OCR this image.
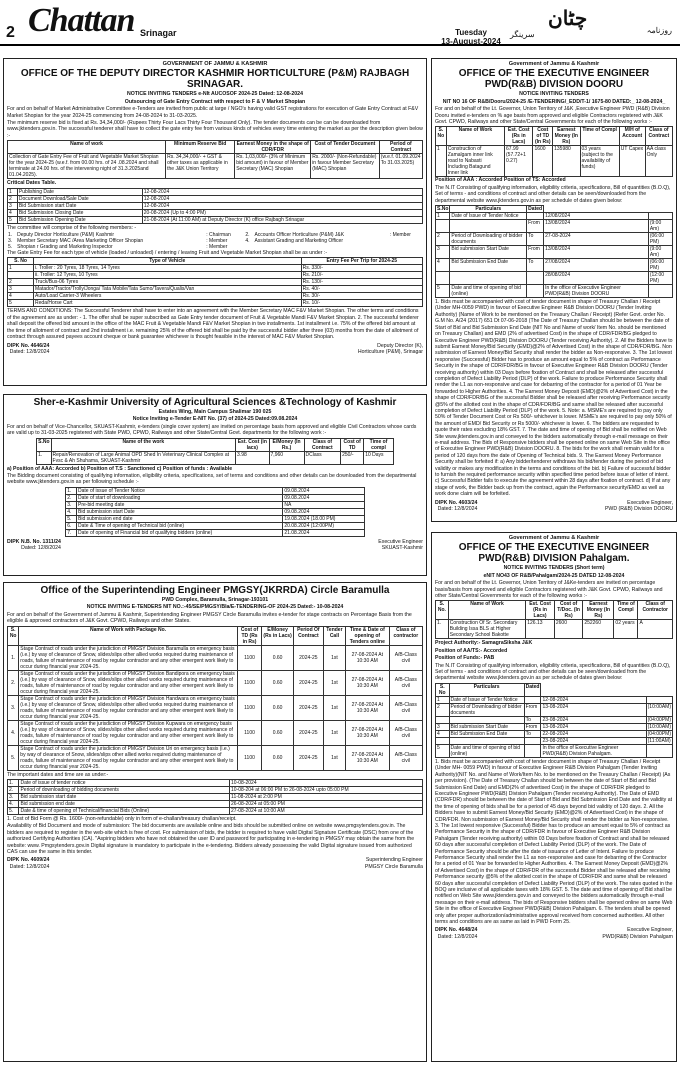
2 Chattan Srinagar	Tuesday
13-August-2024
سرینگر
چٹان
روزنامہ

GOVERNMENT OF JAMMU & KASHMIR

OFFICE OF THE DEPUTY DIRECTOR KASHMIR HORTICULTURE (P&M) RAJBAGH SRINAGAR.

NOTICE INVITING TENDERS e-NIt AUCOSOF 2024-25 Dated: 12-08-2024

Outsourcing of Gate Entry Contract with respect to F & V Market Shopian

For and on behalf of Market Administrative Committee e-Tenders are invited from public at large / NGO's having valid GST registrations for execution of Gate Entry Contract at F&V Market Shopian for the year 2024-25 commencing from 24-08-2024 to 31-03-2025.

The minimum reserve bid is fixed at Rs. 34,34,000/- (Rupees Thirty Four Lacs Thirty Four Thousand Only). The tender documents can be can be downloaded from www.jktenders.gov.in. The successful tenderer shall have to collect the gate entry fee from various kinds of vehicles every time entering the market as per the description given below :-

Name of work	Minimum Reserve Bid	Earnest Money in the shape of CDR/FDR	Cost of Tender Document	Period of Contract
Collection of Gate Entry Fee of Fruit and Vegetable Market Shopian for the year 2024-25 (w.e.f. from 00.00 hrs. of 24 .08.2024 and shall terminate at 24.00 hrs. of the intervening night of 31.3.2025and 01.04.2025).	Rs. 34,34,000/- + GST & other taxes as applicable in the J&K Union Territory	Rs. 1,03,000/- (3% of Minimum bid amount) in favour of Member Secretary (MAC) Shopian	Rs. 2000/- (Non-Refundable) in favour Member Secretary (MAC) Shopian	(w.e.f. 01.09.2024 To 31.03.2025)

Critical Dates Table.

1	Publishing Date	12-08-2024
2	Document Download/Sale Date	12-08-2024
3	Bid Submission start Date	12-08-2024
4	Bid Submission Closing Date	20-08-2024 (Up to 4:00 PM)
5	Bid Submission Opening Date	21-08-2024 (At 11:00 AM) at Deputy Director (K) office Rajbagh Srinagar

The committee will comprise of the following members: -

1.	Deputy Director Horticulture (P&M) Kashmir	: Chairman	2.	Accounts Officer Horticulture (P&M) J&K	: Member
3.	Member Secretary MAC /Area Marketing Officer Shopian	: Member	4.	Assistant Grading and Marketing Officer	
5.	Shopian r Grading and Marketing Inspector	: Member			

The Gate Entry Fee for each type of vehicle (loaded / unloaded) / entering / leaving Fruit and Vegetable Market Shopian shall be as under :-

S. No	Type of Vehicle	Entry Fee Per Trip for 2024-25
1	i. Troller : 20 Tyres, 18 Tyres, 14 Tyres	Rs. 330/-
	ii. Troller: 12 Tyres, 10 Tyres	Rs. 210/-
2	Truck/Bus-06 Tyres	Rs. 130/-
3	Matador/Tractor/Trolly/Jonga/ Tata Mobile/Tata Sumo/Tavera/Qualis/Van	Rs. 40/-
4	Auto/Load Carrier-3 Wheelers	Rs. 30/-
5	Reda/Horse Cart	Rs. 10/-

TERMS AND CONDITIONS: The Successful Tenderer shall have to enter into an agreement with the Member Secretary MAC F&V Market Shopian. The other terms and conditions of the agreement are as under: - 1. The offer shall be super subscribed as Gate Entry tender document of Fruit & Vegetable Mandi F&V Market Shopian. 2. The successful tenderer shall deposit the offered bid amount in the office of the MAC Fruit & Vegetable Mandi F&V Market Shopian in two installments. 1st installment i.e. 75% of the offered bid amount at the time of allotment of contract and 2nd installment i.e. remaining 25% of the offered bid shall be paid by the successful bidder after three (03) months from the date of allotment of contract through assured payees account cheque or bank guarantee whichever is thought feasible in the interest of MAC F&V Market Shopian.

DIPK No. 4646/24
Dated: 12/8/2024
Deputy Director (K),
Horticulture (P&M), Srinagar

Sher-e-Kashmir University of Agricultural Sciences &Technology of Kashmir

Estates Wing, Main Campus Shalimar 190 025

Notice Inviting e-Tender E-NIT No. (37) of 2024-25 Dated:09.08.2024

For and on behalf of Vice-Chancellor, SKUAST-Kashmir, e-tenders (single cover system) are invited on percentage basis from approved and eligible Civil Contractors whose cards are valid up to 31-03-2025 registered with State PWD, CPWD, Railways and other State/Central Govt. departments for the following work :-

S.No	Name of the work	Est. Cost (in lacs)	E/Money (In Rs.)	Class of Contract	Cost of TD	Time of compl
1.	Repair/Renovation of Large Animal OPD Shed In Veterinary Clinical Complex at Fvsc & Ah Shuhama, SKUAST-Kashmir	3.98	7,960	DClass	250/-	10 Days

a) Position of AAA: Accorded b) Position of T.S : Sanctioned c) Position of funds : Available

The Bidding document consisting of qualifying information, eligibility criteria, specifications, set of terms and conditions and other details can be downloaded from the departmental website www.jktenders.gov.in as per following schedule :-

1.	Date of issue of Tender Notice	09.08.2024
2.	Date of start of downloading	09.08.2024
3.	Pre-bid meeting date	NA
4.	Bid submission start Date	09.08.2024
5.	Bid submission end date	19.08.2024 (18.00 PM)
6.	Date & Time of opening of Technical bid (online)	20.08.2024 (12:00PM)
7.	Date of opening of Financial bid of qualifying bidders (online)	21.08.2024
DIPK N.B. No. 1311/24
Dated: 12/8/2024
Executive Engineer
SKUAST-Kashmir

Office of the Superintending Engineer PMGSY(JKRRDA) Circle Baramulla

PWD Complex, Baramulla, Srinagar-193101

NOTICE INVITING E-TENDERS NIT NO.:-45/SE/PMGSY/Bla/E-TENDERING-OF 2024-25 Dated:- 10-08-2024

For and on behalf of the Government of Jammu & Kashmir, Superintending Engineer PMGSY Circle Baramulla invites e-tender for stage contracts on Percentage Basis from the eligible & approved contractors of J&K Govt. CPWD, Railways and other States.

S. No	Name of Work with Package No.	Cost of TD (Rs in Rs)	E/Money (Rs in Lacs)	Period Of Contract	Tender Call	Time & Date of opening of Tenders online	Class of contractor
1.	Stage Contract of roads under the jurisdiction of PMGSY Division Baramulla on emergency basis (i.e.) by way of clearance of Snow, slides/slips other allied works required during maintenance of roads, failure of maintenance of road by regular contractor and any other emergent work likely to occur during financial year 2024-25.	1100	0.60	2024-25	1st	27-08-2024 At 10:30 AM	A/B-Class civil
2.	Stage Contract of roads under the jurisdiction of PMGSY Division Bandipora on emergency basis (i.e.) by way of clearance of Snow, slides/slips other allied works required during maintenance of roads, failure of maintenance of road by regular contractor and any other emergent work likely to occur during financial year 2024-25.	1100	0.60	2024-25	1st	27-08-2024 At 10:30 AM	A/B-Class civil
3.	Stage Contract of roads under the jurisdiction of PMGSY Division Handwara on emergency basis (i.e.) by way of clearance of Snow, slides/slips other allied works required during maintenance of roads, failure of maintenance of road by regular contractor and any other emergent work likely to occur during financial year 2024-25.	1100	0.60	2024-25	1st	27-08-2024 At 10:30 AM	A/B-Class civil
4.	Stage Contract of roads under the jurisdiction of PMGSY Division Kupwara on emergency basis (i.e.) by way of clearance of Snow, slides/slips other allied works required during maintenance of roads, failure of maintenance of road by regular contractor and any other emergent work likely to occur during financial year 2024-25.	1100	0.60	2024-25	1st	27-08-2024 At 10:30 AM	A/B-Class civil
5.	Stage Contract of roads under the jurisdiction of PMGSY Division Uri on emergency basis (i.e.) by way of clearance of Snow, slides/slips other allied works required during maintenance of roads, failure of maintenance of road by regular contractor and any other emergent work likely to occur during financial year 2024-25.	1100	0.60	2024-25	1st	27-08-2024 At 10:30 AM	A/B-Class civil

The important dates and time are as under:-

1.	Date of issue of tender notice	10-08-2024
2.	Period of downloading of bidding documents	10-08-204 at 06:00 PM to 26-08-2024 upto 05:00 PM
3.	Bid submission start date	11-08-2024 at 2:00 PM
4.	Bid submission end date	26-08-2024 at 05:00 PM
5.	Date & time of opening of Technical/financial Bids (Online)	27-08-2024 at 10:00 AM

1. Cost of Bid Form @ Rs. 1600/- (non-refundable) only in form of e-challan/treasury challan/receipt.

Availability of Bid Document and mode of submission: The bid documents are available online and bids should be submitted online on website www.pmgsytenders.gov.in. The bidders are required to register in the web-site which is free of cost. For submission of bids, the bidder is required to have valid Digital Signature Certificate (DSC) from one of the authorized Certifying Authorities (CA). "Aspiring bidders who have not obtained the user ID and password for participating in e-tendering in PMGSY may obtain the same from the website: www. Pmgsytenders.gov.in Digital signature is mandatory to participate in the e-tendering. Bidders already possessing the valid Digital signature issued from authorized CAS can use the same in this tender.

DIPK No. 4609/24
Dated: 12/8/2024
Superintending Engineer
PMGSY Circle Baramulla

Government of Jammu & Kashmir

OFFICE OF THE EXECUTIVE ENGINEER PWD(R&B) DIVISION DOORU

NOTICE INVITING TENDERS

NIT NO 16 OF R&B/Dooru/2024-25 /E-TENDERING/_EDD/T-1/ 1675-80 DATED:_ 12-08-2024_

For and on behalf of the Lt. Governor, Union Territory of J&K ,Executive Engineer PWD (R&B) Division Dooru invited e-tenders on % age basis from approved and eligible Contractors registered with J&K Govt. CPWD, Railways and other State/Central Governments for each of the following works :-

S. No	Name of Work	Est. Cost (Rs in Lacs)	Cost of TD (In Rs)	Earnest Money (In Rs)	Time of Compl	M/H of Account	Class of Contract
1	Construction of Zamalgam inner link road to Nabasti Including Batagund Inner link	67.99 (57.72+1 0.27)	1600	135980	03 years (subject to the availability of funds)	UT Capex	AA class Only

Position of AAA : Accorded Position of TS: Accorded

The N.IT Consisting of qualifying information, eligibility criteria, specifications, Bill of quantities (B.O.Q), Set of terms - and conditions of contract and other details can be seen/downloaded from the departmental website www.jktenders.gov.in as per schedule of dates given below:

S.No	Particulars	Dated		
1	Date of Issue of Tender Notice		12/08/2024	
		From	13/08/2024	(9:00 Am)
2	Period of Downloading of bidder documents	To	27-08-2024	(06:00 PM)
3	Bid submission Start Date	From	13/08/2024	(9:00 Am)
4	Bid Submission End Date	To	27/08/2024	(06:00 PM)
			28/08/2024	(12:00 PM)
5	Date and time of opening of bid (online)		In the office of Executive Engineer PWD(R&B) Division DOORU	

1. Bids must be accompanied with cost of tender document in shape of Treasury Challan / Receipt (Under MH-0059 PWD) in favour of Executive Engineer R&B Division DOORU (Tender Inviting Authority) (Name of Work to be mentioned on the Treasury Challan / Receipt) (Refer Govt. order No. G.M No. A/24 (2017) 651 Dt 07-06-2018 (The Date of Treasury Challan should be between the date of Start of Bid and Bid Submission End Date (NIT No and Name of work/ Item No. should be mentioned on Treasury Challan) and EMD (2% of advertised Cost) in the shape of CDR/FDR/BG pledged to Executive Engineer PWD(R&B) Division DOORU (Tender receiving Authority). 2. All the Bidders have to submit Earnest Money/Bid Security (EMD)@2% of Advertised Cost) in the shape of CDR/FDR/BG. Non submission of Earnest Money/Bid Security shall render the bidder as Non-responsive. 3. The 1st lowest responsive (Successful) Bidder has to produce an amount equal to 5% of contract as Performance Security in the shape of CDR/FDR/BG in favour of Executive Engineer R&B Division DOORU (Tender receiving authority) within 03 Days before fixation of Contract and shall be released after successful completion of Defect Liability Period (DLP) of the work. Failure to produce Performance Security shall render the L1 as non-responsive and case for debarring of the contractor for a period of 01 Year be forwarded to Higher Authorities. 4. The Earnest Money Deposit (EMD)@2% of Advertised Cost) in the shape of CDR/FDR/BG of the successful Bidder shall be released after receiving Performance security @5% of the allotted cost in the shape of CDR/FDR/BG and same shall be released after successful completion of Defect Liability Period (DLP) of the work. 5. Note: a. MSME's are required to pay only 50% of Tender Document Cost or Rs 500/- whichever is lower. MSME's are required to pay only 50% of the amount of EMD/ Bid Security or Rs 5000/- whichever is lower. 6. The bidders are requested to quote their rates excluding 18% GST. 7. The date and time of opening of Bid shall be notified on Web Site www.jktenders.gov.in and conveyed to the bidders automatically through e-mail message on their e-mail address. The Bids of Responsive bidders shall be opened online on same Web Site in the office of Executive Engineer PWD(R&B) Division DOORU. 8. The bids for the work shall remain valid for a period of 120 days from the date of Opening of Technical bids. 9. The Earnest Money Performance Security shall be forfeited if: a) Any bidder/tenderer withdraws his bid/tender during the period of bid validity or makes any modification in the terms and conditions of the bid. b) Failure of successful bidder to furnish the required performance security within specified time period before issue of letter of intent. c) Successful Bidder fails to execute the agreement within 28 days after fixation of contract. d) If at any stage of work, the Bidder back up from the contract, again the Performance security/EMD as well as work done claim will be forfeited.

DIPK No. 4603/24
Dated: 12/8/2024
Executive Engineer,
PWD (R&B) Division DOORU

Government of Jammu & Kashmir

OFFICE OF THE EXECUTIVE ENGINEER PWD(R&B) DIVISION Pahalgam.

NOTICE INVITING TENDERS (Short term)

eNIT NO43 OF R&B/Pahalgam/2024-25 DATED 12-08-2024

For and on behalf of the Lt. Governor, Union Territory of J&Ke-tenders are invited on percentage basis/basis from approved and eligible Contractors registered with J&K Govt. CPWD, Railways and other State/Central Governments for each of the following works :-

S. No.	Name of Work	Est. Cost (Rs in Lacs)	Cost of T/Doc. (In Rs)	Earnest Money (In Rs)	Time of Compl	Class of Contractor
1.	Construction Of Sr. Secondary Building Issa BLS at Higher Secondary School Bakotte	126.13	2600	252260	02 years	A

Project Authority:- SamagraSiksha J&K

Position of AA/TS:- Accorded

Position of Funds:- PAB

The N.IT Consisting of qualifying information, eligibility criteria, specifications, Bill of quantities (B.O.Q), Set of terms - and conditions of contract and other details can be seen/downloaded from the departmental website www.jktenders.gov.in as per schedule of dates given below:

S. No	Particulars	Dated		
1	Date of Issue of Tender Notice		12-08-2024	
2	Period of Downloading of bidder documents	From	13-08-2024	(10:00AM)
		To	23-08-2024	(04:00PM)
3	Bid submission Start Date	From	13-08-2024	(10:00AM)
4	Bid Submission End Date	To	22-08-2024	(04:00PM)
			23-08-2024	(11:00AM)
5	Date and time of opening of bid (online)		In the office of Executive Engineer PWD(R&B) Division Pahalgam.	

1. Bids must be accompanied with cost of tender document in shape of Treasury Challan / Receipt (Under MH- 0059 PWD) in favour of Executive Engineer R&B Division Pahalgam (Tender Inviting Authority)(NIT No. and Name of Work/Item No. to be mentioned on the Treasury Challan / Receipt) (As per provision). (The Date of Treasury Challan should be between the date of Start of Bid and Bid Submission End Date) and EMD(2% of advertised Cost) in the shape of CDR/FDR pledged to Executive Engineer PWD(R&B) Division Pahalgam (Tender receiving Authority). The Date of EMD (CDR/FDR) should be between the date of Start of Bid and Bid Submission End Date and the validity at the time of opening of bids shall be for a period of 45 days beyond bid validity of 120 days. 2. All the Bidders have to submit Earnest Money/Bid Security (EMD)@2% of Advertised Cost) in the shape of CDR/FDR. Non submission of Earnest Money/Bid Security shall render the bidder as Non-responsive. 3. The 1st lowest responsive (Successful) Bidder has to produce an amount equal to 5% of contract as Performance Security in the shape of CDR/FDR in favour of Executive Engineer R&B Division Pahalgam (Tender receiving authority) within 03 Days before fixation of Contract and shall be released 60 days after successful completion of Defect Liability Period (DLP) of the work. The Date of Performance Security should be after the date of issuance of Letter of Intent. Failure to produce Performance Security shall render the L1 as non-responsive and case for debarring of the Contractor for a period of 01 Year be forwarded to Higher Authorities. 4. The Earnest Money Deposit (EMD)@2% of Advertised Cost) in the shape of CDR/FDR of the successful Bidder shall be released after receiving Performance security @5% of the allotted cost in the shape of CDR/FDR and same shall be released 60 days after successful completion of Defect Liability Period (DLP) of the work. The rates quoted in the BOQ are inclusive of all applicable taxes with 18% GST. 5. The date and time of opening of Bid shall be notified on Web Site www.jktenders.gov.in and conveyed to the bidders automatically through e-mail message on their e-mail address. The bids of Responsive bidders shall be opened online on same Web Site in the office of Executive Engineer PWD(R&B) Division Pahalgam. 6. The tenders shall be opened only after proper authorization/administrative approval received from concerned authorities. All other terms and conditions are as same as laid in PWD Form 25.

DIPK No. 4648/24
Dated: 12/8/2024
Executive Engineer,
PWD(R&B) Division Pahalgam
